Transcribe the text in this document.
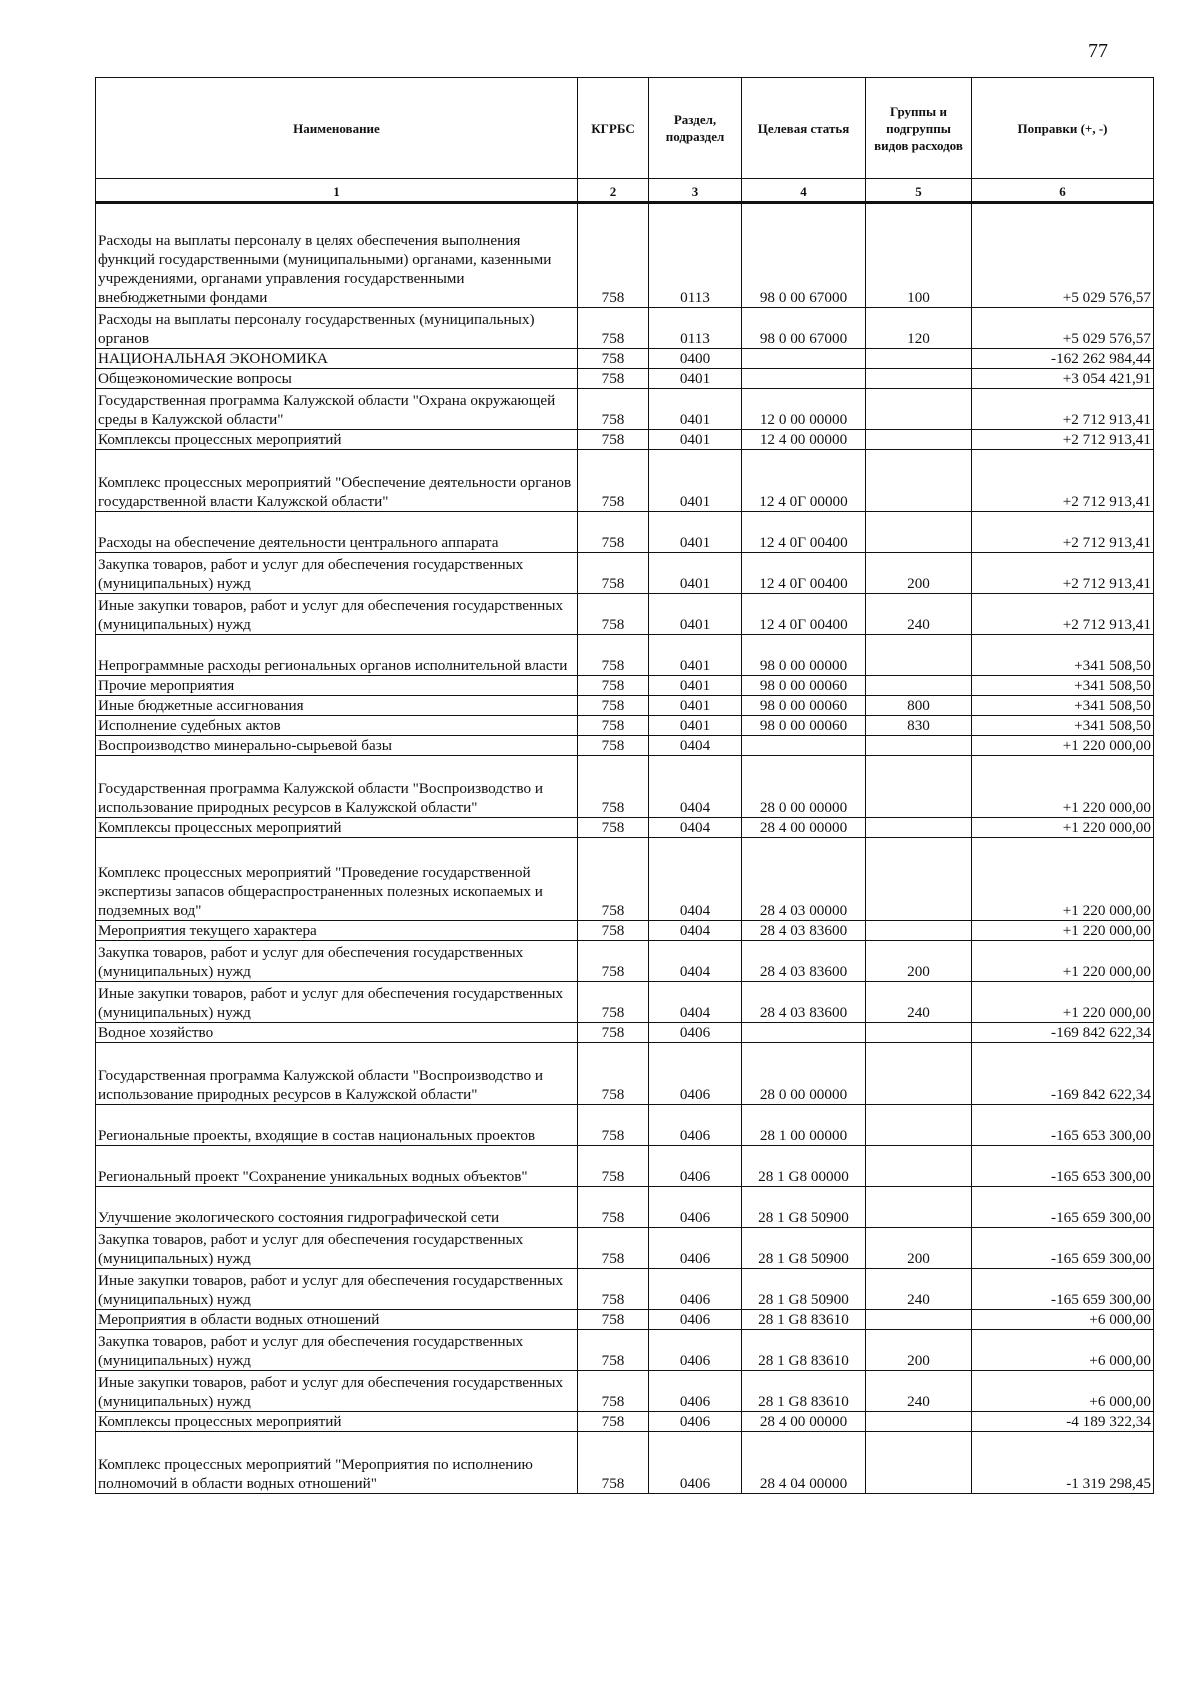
77
Наименование	КГРБС	Раздел, подраздел	Целевая статья	Группы и подгруппы видов расходов	Поправки (+, -)
1	2	3	4	5	6
Расходы на выплаты персоналу в целях обеспечения выполнения функций государственными (муниципальными) органами, казенными учреждениями, органами управления государственными внебюджетными фондами	758	0113	98 0 00 67000	100	+5 029 576,57
Расходы на выплаты персоналу государственных (муниципальных) органов	758	0113	98 0 00 67000	120	+5 029 576,57
НАЦИОНАЛЬНАЯ ЭКОНОМИКА	758	0400			-162 262 984,44
Общеэкономические вопросы	758	0401			+3 054 421,91
Государственная программа Калужской области "Охрана окружающей среды в Калужской области"	758	0401	12 0 00 00000		+2 712 913,41
Комплексы процессных мероприятий	758	0401	12 4 00 00000		+2 712 913,41
Комплекс процессных мероприятий "Обеспечение деятельности органов государственной власти Калужской области"	758	0401	12 4 0Г 00000		+2 712 913,41
Расходы на обеспечение деятельности центрального аппарата	758	0401	12 4 0Г 00400		+2 712 913,41
Закупка товаров, работ и услуг для обеспечения государственных (муниципальных) нужд	758	0401	12 4 0Г 00400	200	+2 712 913,41
Иные закупки товаров, работ и услуг для обеспечения государственных (муниципальных) нужд	758	0401	12 4 0Г 00400	240	+2 712 913,41
Непрограммные расходы региональных органов исполнительной власти	758	0401	98 0 00 00000		+341 508,50
Прочие мероприятия	758	0401	98 0 00 00060		+341 508,50
Иные бюджетные ассигнования	758	0401	98 0 00 00060	800	+341 508,50
Исполнение судебных актов	758	0401	98 0 00 00060	830	+341 508,50
Воспроизводство минерально-сырьевой базы	758	0404			+1 220 000,00
Государственная программа Калужской области "Воспроизводство и использование природных ресурсов в Калужской области"	758	0404	28 0 00 00000		+1 220 000,00
Комплексы процессных мероприятий	758	0404	28 4 00 00000		+1 220 000,00
Комплекс процессных мероприятий "Проведение государственной экспертизы запасов общераспространенных полезных ископаемых и подземных вод"	758	0404	28 4 03 00000		+1 220 000,00
Мероприятия текущего характера	758	0404	28 4 03 83600		+1 220 000,00
Закупка товаров, работ и услуг для обеспечения государственных (муниципальных) нужд	758	0404	28 4 03 83600	200	+1 220 000,00
Иные закупки товаров, работ и услуг для обеспечения государственных (муниципальных) нужд	758	0404	28 4 03 83600	240	+1 220 000,00
Водное хозяйство	758	0406			-169 842 622,34
Государственная программа Калужской области "Воспроизводство и использование природных ресурсов в Калужской области"	758	0406	28 0 00 00000		-169 842 622,34
Региональные проекты, входящие в состав национальных проектов	758	0406	28 1 00 00000		-165 653 300,00
Региональный проект "Сохранение уникальных водных объектов"	758	0406	28 1 G8 00000		-165 653 300,00
Улучшение экологического состояния гидрографической сети	758	0406	28 1 G8 50900		-165 659 300,00
Закупка товаров, работ и услуг для обеспечения государственных (муниципальных) нужд	758	0406	28 1 G8 50900	200	-165 659 300,00
Иные закупки товаров, работ и услуг для обеспечения государственных (муниципальных) нужд	758	0406	28 1 G8 50900	240	-165 659 300,00
Мероприятия в области водных отношений	758	0406	28 1 G8 83610		+6 000,00
Закупка товаров, работ и услуг для обеспечения государственных (муниципальных) нужд	758	0406	28 1 G8 83610	200	+6 000,00
Иные закупки товаров, работ и услуг для обеспечения государственных (муниципальных) нужд	758	0406	28 1 G8 83610	240	+6 000,00
Комплексы процессных мероприятий	758	0406	28 4 00 00000		-4 189 322,34
Комплекс процессных мероприятий "Мероприятия по исполнению полномочий в области водных отношений"	758	0406	28 4 04 00000		-1 319 298,45
